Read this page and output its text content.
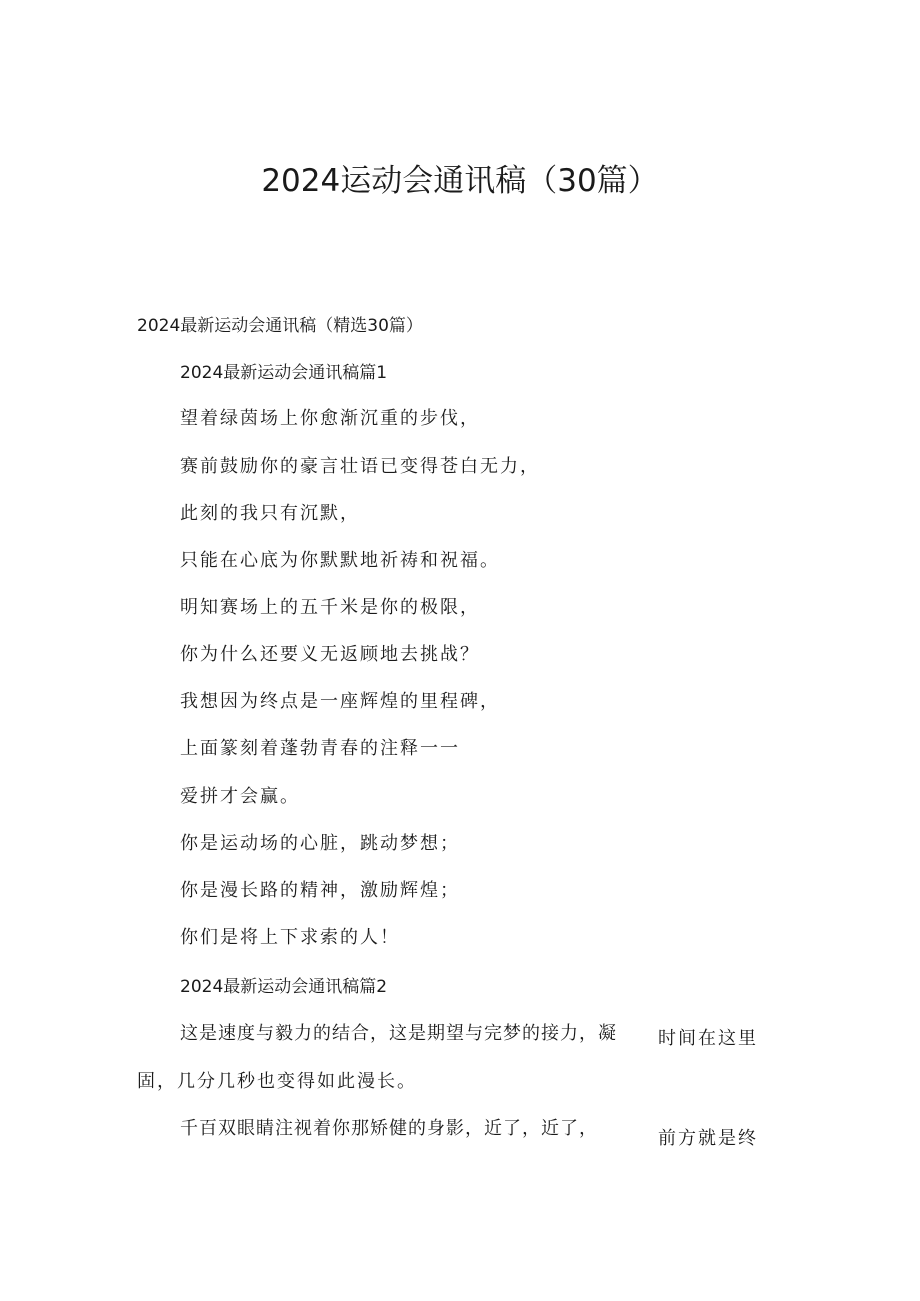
2024运动会通讯稿（30篇）
2024最新运动会通讯稿（精选30篇）
2024最新运动会通讯稿篇1
望着绿茵场上你愈渐沉重的步伐，
赛前鼓励你的豪言壮语已变得苍白无力，
此刻的我只有沉默，
只能在心底为你默默地祈祷和祝福。
明知赛场上的五千米是你的极限，
你为什么还要义无返顾地去挑战？
我想因为终点是一座辉煌的里程碑，
上面篆刻着蓬勃青春的注释一一
爱拼才会赢。
你是运动场的心脏，跳动梦想；
你是漫长路的精神，激励辉煌；
你们是将上下求索的人！
2024最新运动会通讯稿篇2
这是速度与毅力的结合，这是期望与完梦的接力，凝 时间在这里
固，几分几秒也变得如此漫长。
千百双眼睛注视着你那矫健的身影，近了，近了，	前方就是终
